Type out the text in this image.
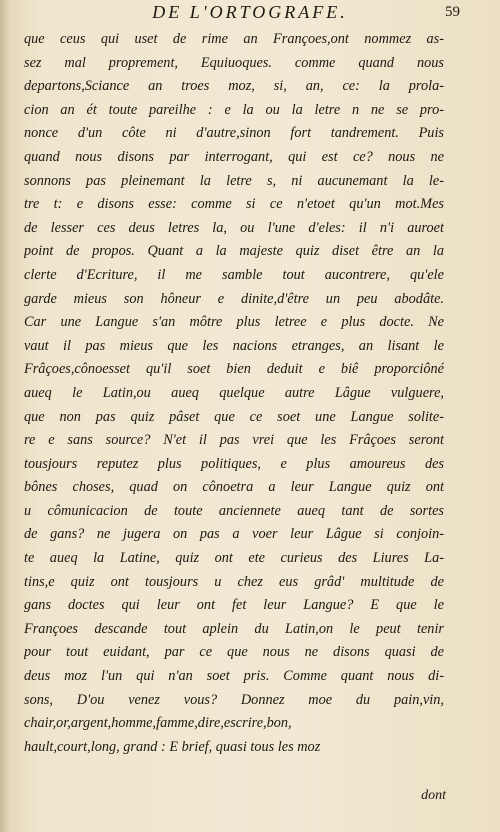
DE L'ORTOGRAFE.	59
que ceus qui uset de rime an Françoes,ont nommez as-
sez mal proprement, Equiuoques. comme quand nous
departons,Sciance an troes moz, si, an, ce: la prola-
cion an ét toute pareilhe : e la ou la letre n ne se pro-
nonce d'un côte ni d'autre,sinon fort tandrement. Puis
quand nous disons par interrogant, qui est ce? nous ne
sonnons pas pleinemant la letre s, ni aucunemant la le-
tre t: e disons esse: comme si ce n'etoet qu'un mot.Mes
de lesser ces deus letres la, ou l'une d'eles: il n'i auroet
point de propos. Quant a la majeste quiz diset être an la
clerte d'Ecriture, il me samble tout aucontrere, qu'ele
garde mieus son hôneur e dinite,d'être un peu abodâte.
Car une Langue s'an môtre plus letree e plus docte. Ne
vaut il pas mieus que les nacions etranges, an lisant le
Frâçoes,cônoesset qu'il soet bien deduit e biê proporciôné
aueq le Latin,ou aueq quelque autre Lâgue vulguere,
que non pas quiz pâset que ce soet une Langue solite-
re e sans source? N'et il pas vrei que les Frâçoes seront
tousjours reputez plus politiques, e plus amoureus des
bônes choses, quad on cônoetra a leur Langue quiz ont
u cômunicacion de toute anciennete aueq tant de sortes
de gans? ne jugera on pas a voer leur Lâgue si conjoin-
te aueq la Latine, quiz ont ete curieus des Liures La-
tins,e quiz ont tousjours u chez eus grâd' multitude de
gans doctes qui leur ont fet leur Langue? E que le
Françoes descande tout aplein du Latin,on le peut tenir
pour tout euidant, par ce que nous ne disons quasi de
deus moz l'un qui n'an soet pris. Comme quant nous di-
sons, D'ou venez vous? Donnez moe du pain,vin,
chair,or,argent,homme,famme,dire,escrire,bon,
hault,court,long, grand : E brief, quasi tous les moz
dont
